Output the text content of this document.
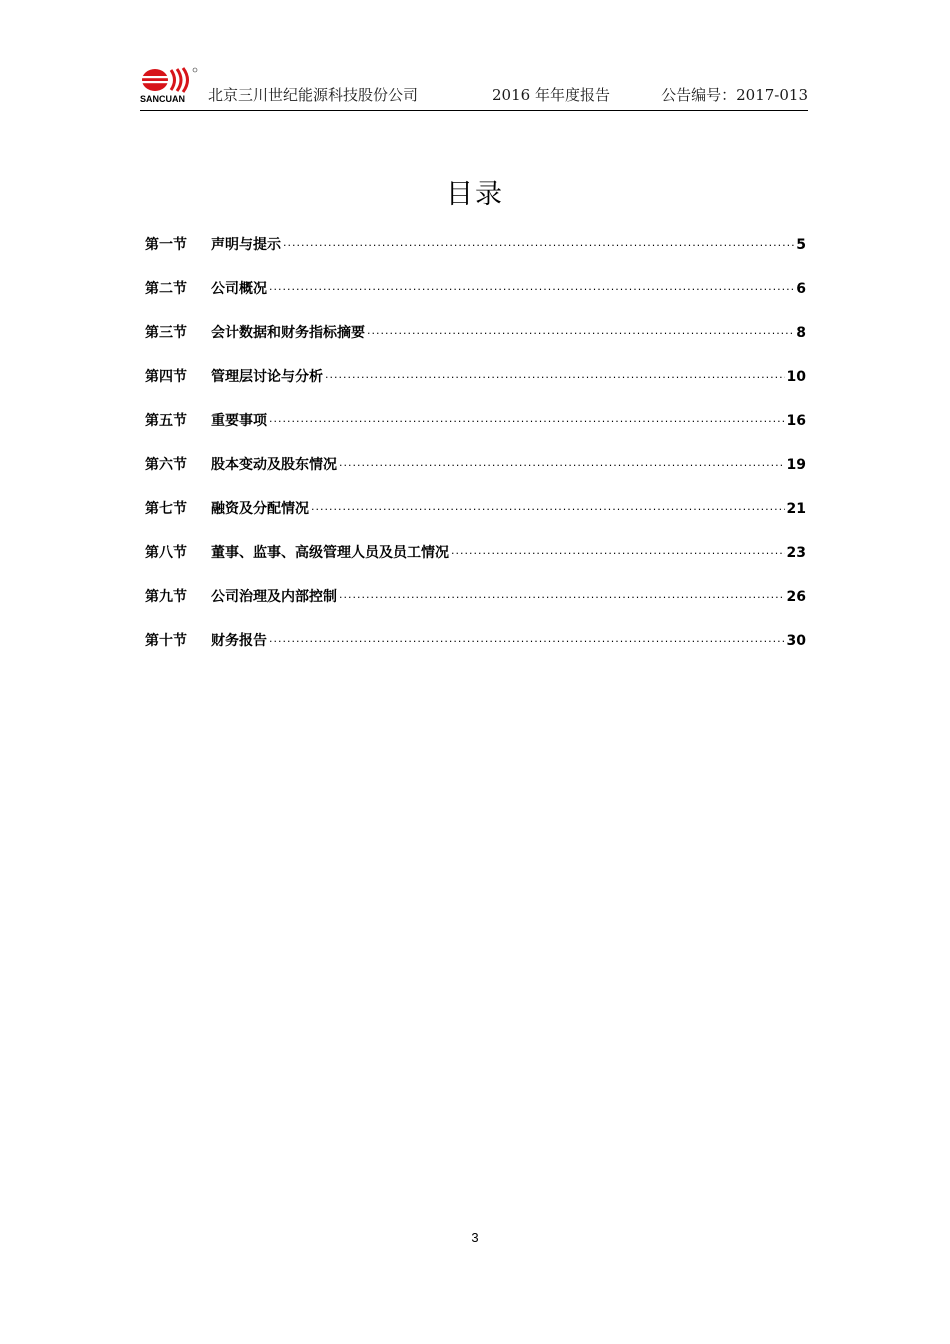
SANCUAN 北京三川世纪能源科技股份公司	2016 年年度报告	公告编号：2017-013
目录
第一节	声明与提示 ·····	5
第二节	公司概况 ·····	6
第三节	会计数据和财务指标摘要 ·····	8
第四节	管理层讨论与分析 ·····	10
第五节	重要事项 ·····	16
第六节	股本变动及股东情况 ·····	19
第七节	融资及分配情况 ·····	21
第八节	董事、监事、高级管理人员及员工情况 ·····	23
第九节	公司治理及内部控制 ·····	26
第十节	财务报告 ·····	30
3
